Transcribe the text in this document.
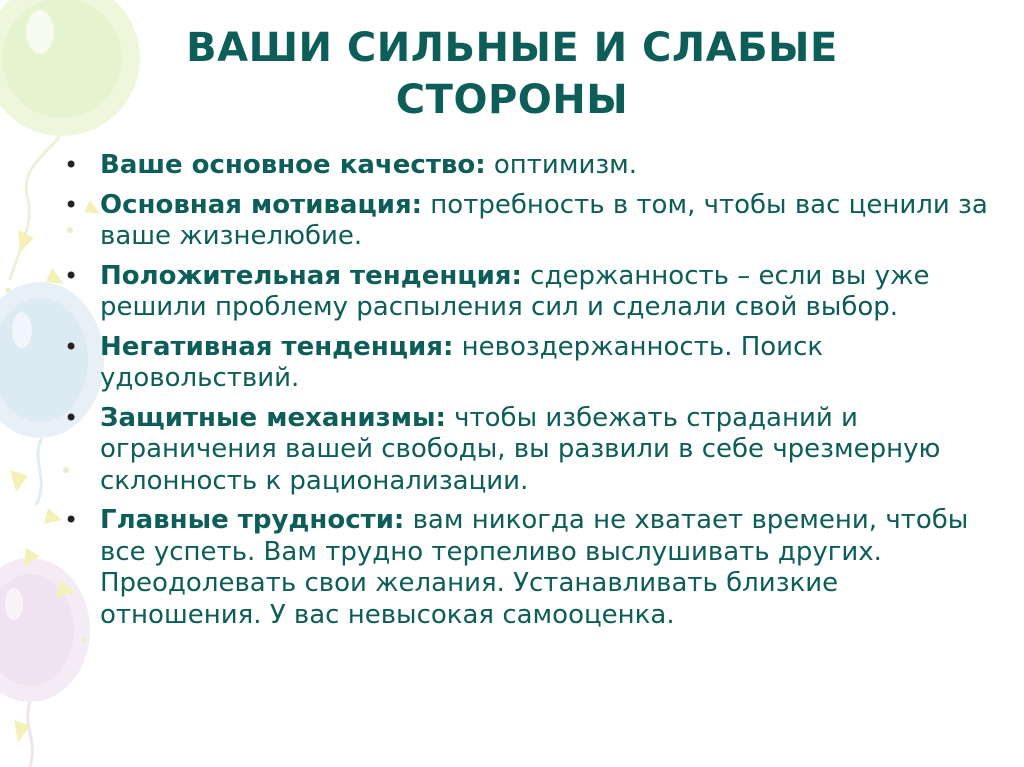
ВАШИ СИЛЬНЫЕ И СЛАБЫЕ
СТОРОНЫ
• Ваше основное качество: оптимизм.
• Основная мотивация: потребность в том, чтобы вас ценили за ваше жизнелюбие.
• Положительная тенденция: сдержанность – если вы уже решили проблему распыления сил и сделали свой выбор.
• Негативная тенденция: невоздержанность. Поиск удовольствий.
• Защитные механизмы: чтобы избежать страданий и ограничения вашей свободы, вы развили в себе чрезмерную склонность к рационализации.
• Главные трудности: вам никогда не хватает времени, чтобы все успеть. Вам трудно терпеливо выслушивать других. Преодолевать свои желания. Устанавливать близкие отношения. У вас невысокая самооценка.
